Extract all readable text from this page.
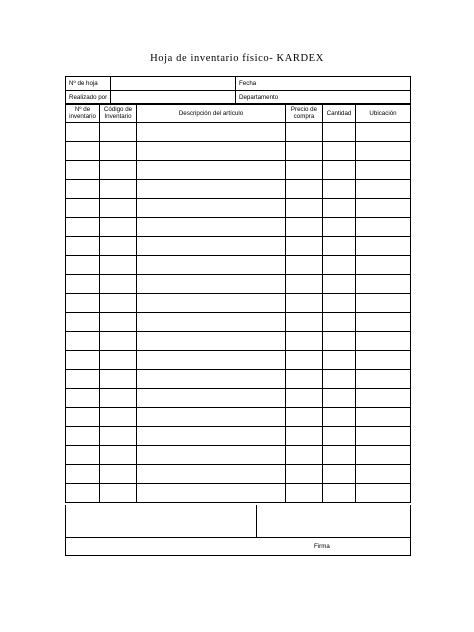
Hoja de inventario físico- KARDEX
Nº de hoja	Fecha
Realizado por	Departamento
Nº de inventario	Código de Inventario	Descripción del artículo	Precio de compra	Cantidad	Ubicación

Firma
